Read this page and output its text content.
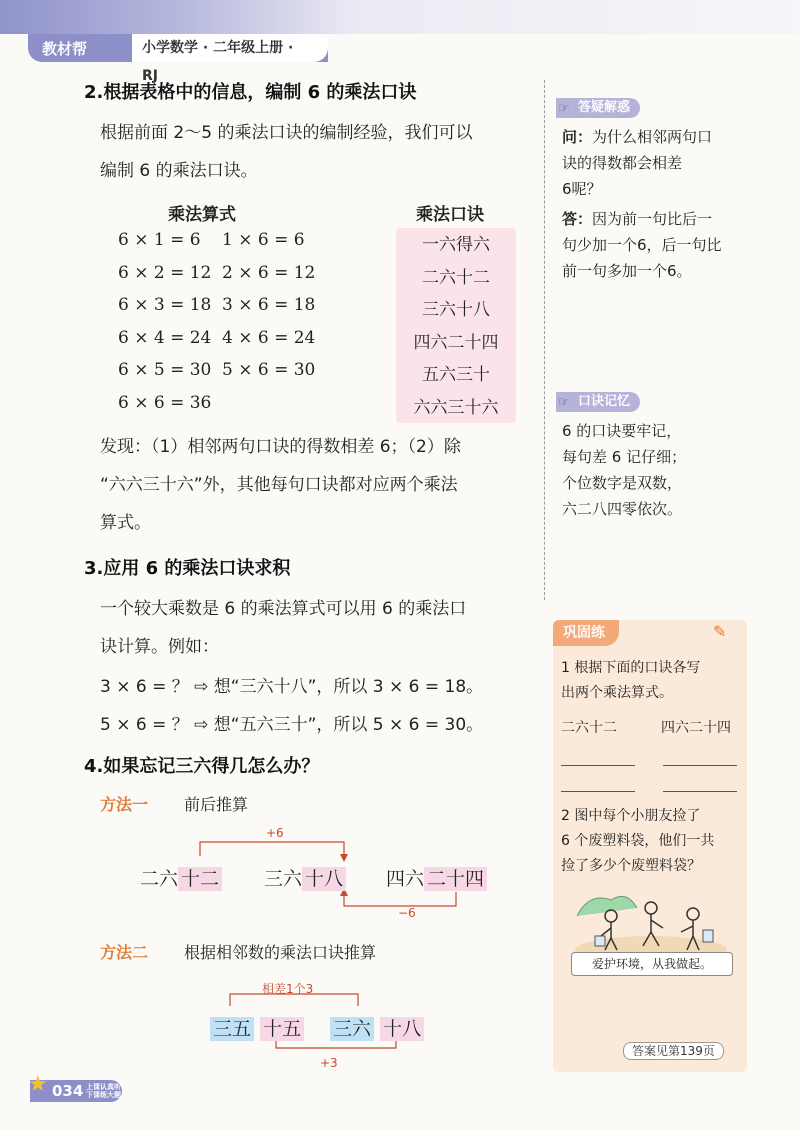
教材帮	小学数学 · 二年级上册 · RJ
2.根据表格中的信息，编制 6 的乘法口诀
根据前面 2～5 的乘法口诀的编制经验，我们可以
编制 6 的乘法口诀。
乘法算式	乘法口诀
6 × 1 = 6 1 × 6 = 6	一六得六
6 × 2 = 12 2 × 6 = 12	二六十二
6 × 3 = 18 3 × 6 = 18	三六十八
6 × 4 = 24 4 × 6 = 24	四六二十四
6 × 5 = 30 5 × 6 = 30	五六三十
6 × 6 = 36	六六三十六
发现：（1）相邻两句口诀的得数相差 6；（2）除
“六六三十六”外，其他每句口诀都对应两个乘法
算式。
3.应用 6 的乘法口诀求积
一个较大乘数是 6 的乘法算式可以用 6 的乘法口
诀计算。例如：
3 × 6 = ？ ⇨ 想“三六十八”，所以 3 × 6 = 18。
5 × 6 = ？ ⇨ 想“五六三十”，所以 5 × 6 = 30。
4.如果忘记三六得几怎么办？
方法一 前后推算
+6
−6
二六 十二 三六 十八 四六 二十四
方法二 根据相邻数的乘法口诀推算
相差1个3
+3
三五 十五 三六 十八
☞ 答疑解惑
问：为什么相邻两句口
诀的得数都会相差
6呢？
答：因为前一句比后一
句少加一个6，后一句比
前一句多加一个6。
☞ 口诀记忆
6 的口诀要牢记，
每句差 6 记仔细；
个位数字是双数，
六二八四零依次。
巩固练	✎
1 根据下面的口诀各写
出两个乘法算式。
二六十二	四六二十四
2 图中每个小朋友捡了
6 个废塑料袋，他们一共
捡了多少个废塑料袋？
爱护环境，从我做起。
答案见第139页
★ 034 上课认真听 下课练大题
